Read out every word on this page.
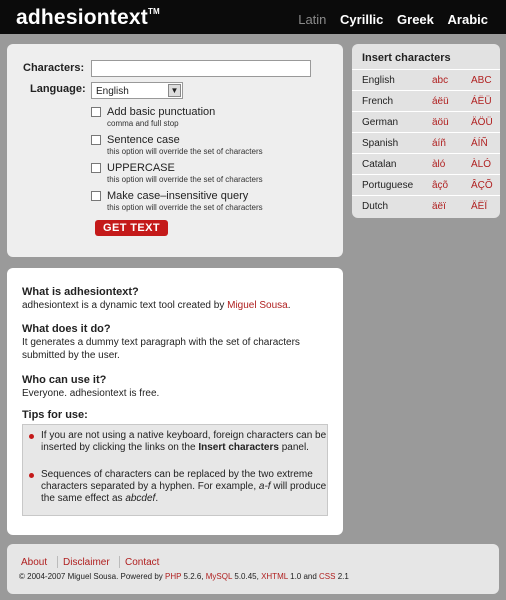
adhesiontext™
Latin Cyrillic Greek Arabic
Characters:
Language:	English	▼
Add basic punctuation
comma and full stop
Sentence case
this option will override the set of characters
UPPERCASE
this option will override the set of characters
Make case–insensitive query
this option will override the set of characters
GET TEXT
Insert characters
English	abc ABC
French	áëü ÁËÜ
German	äöü ÄÖÜ
Spanish	áíñ	ÁÍÑ
Catalan	àló	ÀLÓ
Portuguese âçõ ÂÇÕ
Dutch	äëï	ÄËÏ
What is adhesiontext?
adhesiontext is a dynamic text tool created by Miguel Sousa.
What does it do?
It generates a dummy text paragraph with the set of characters submitted by the user.
Who can use it?
Everyone. adhesiontext is free.
Tips for use:
If you are not using a native keyboard, foreign characters can be inserted by clicking the links on the Insert characters panel.
Sequences of characters can be replaced by the two extreme characters separated by a hyphen. For example, a-f will produce the same effect as abcdef.
About Disclaimer Contact
© 2004-2007 Miguel Sousa. Powered by PHP 5.2.6, MySQL 5.0.45, XHTML 1.0 and CSS 2.1
